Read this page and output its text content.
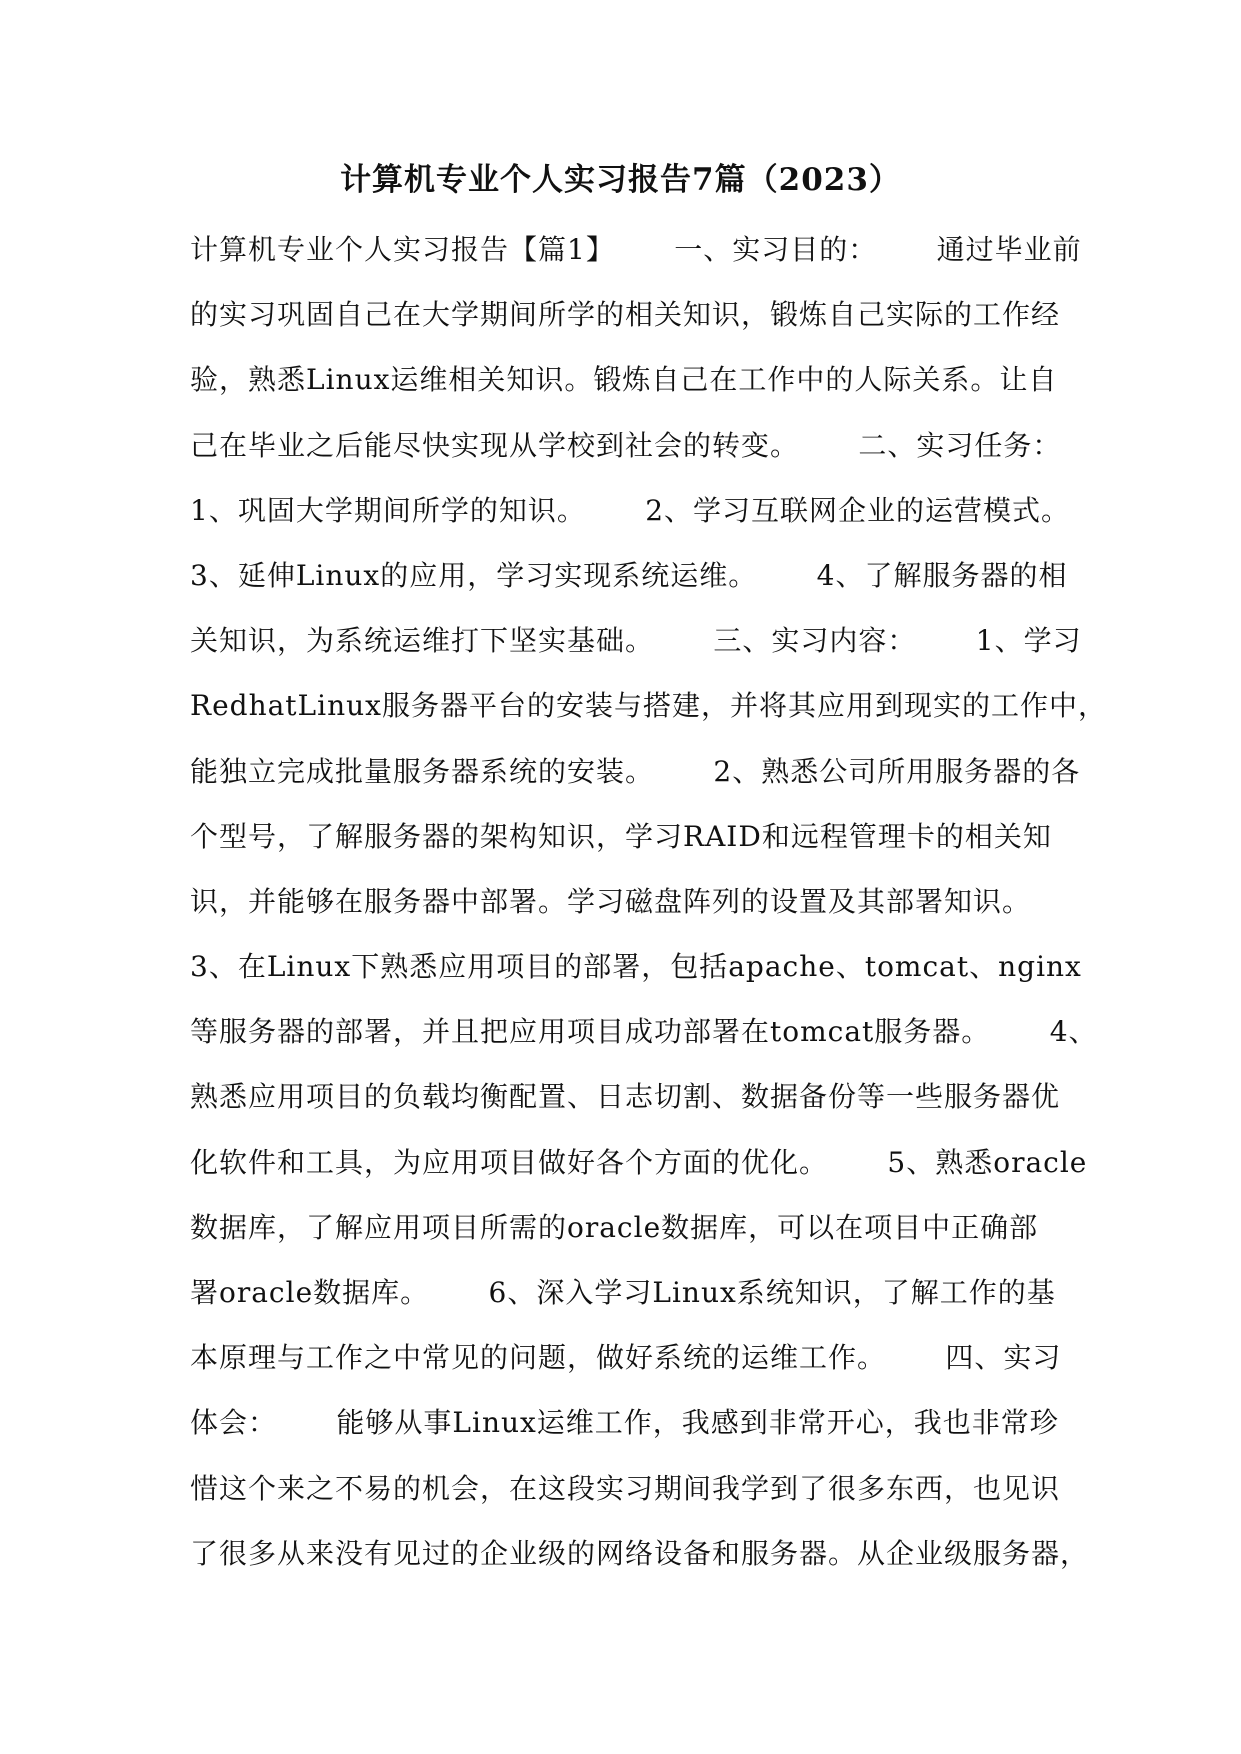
计算机专业个人实习报告7篇（2023）
计算机专业个人实习报告【篇1】      一、实习目的：      通过毕业前
的实习巩固自己在大学期间所学的相关知识，锻炼自己实际的工作经
验，熟悉Linux运维相关知识。锻炼自己在工作中的人际关系。让自
己在毕业之后能尽快实现从学校到社会的转变。      二、实习任务：
1、巩固大学期间所学的知识。      2、学习互联网企业的运营模式。
3、延伸Linux的应用，学习实现系统运维。      4、了解服务器的相
关知识，为系统运维打下坚实基础。      三、实习内容：      1、学习
RedhatLinux服务器平台的安装与搭建，并将其应用到现实的工作中，
能独立完成批量服务器系统的安装。      2、熟悉公司所用服务器的各
个型号，了解服务器的架构知识，学习RAID和远程管理卡的相关知
识，并能够在服务器中部署。学习磁盘阵列的设置及其部署知识。
3、在Linux下熟悉应用项目的部署，包括apache、tomcat、nginx
等服务器的部署，并且把应用项目成功部署在tomcat服务器。      4、
熟悉应用项目的负载均衡配置、日志切割、数据备份等一些服务器优
化软件和工具，为应用项目做好各个方面的优化。      5、熟悉oracle
数据库，了解应用项目所需的oracle数据库，可以在项目中正确部
署oracle数据库。      6、深入学习Linux系统知识，了解工作的基
本原理与工作之中常见的问题，做好系统的运维工作。      四、实习
体会：      能够从事Linux运维工作，我感到非常开心，我也非常珍
惜这个来之不易的机会，在这段实习期间我学到了很多东西，也见识
了很多从来没有见过的企业级的网络设备和服务器。从企业级服务器，
